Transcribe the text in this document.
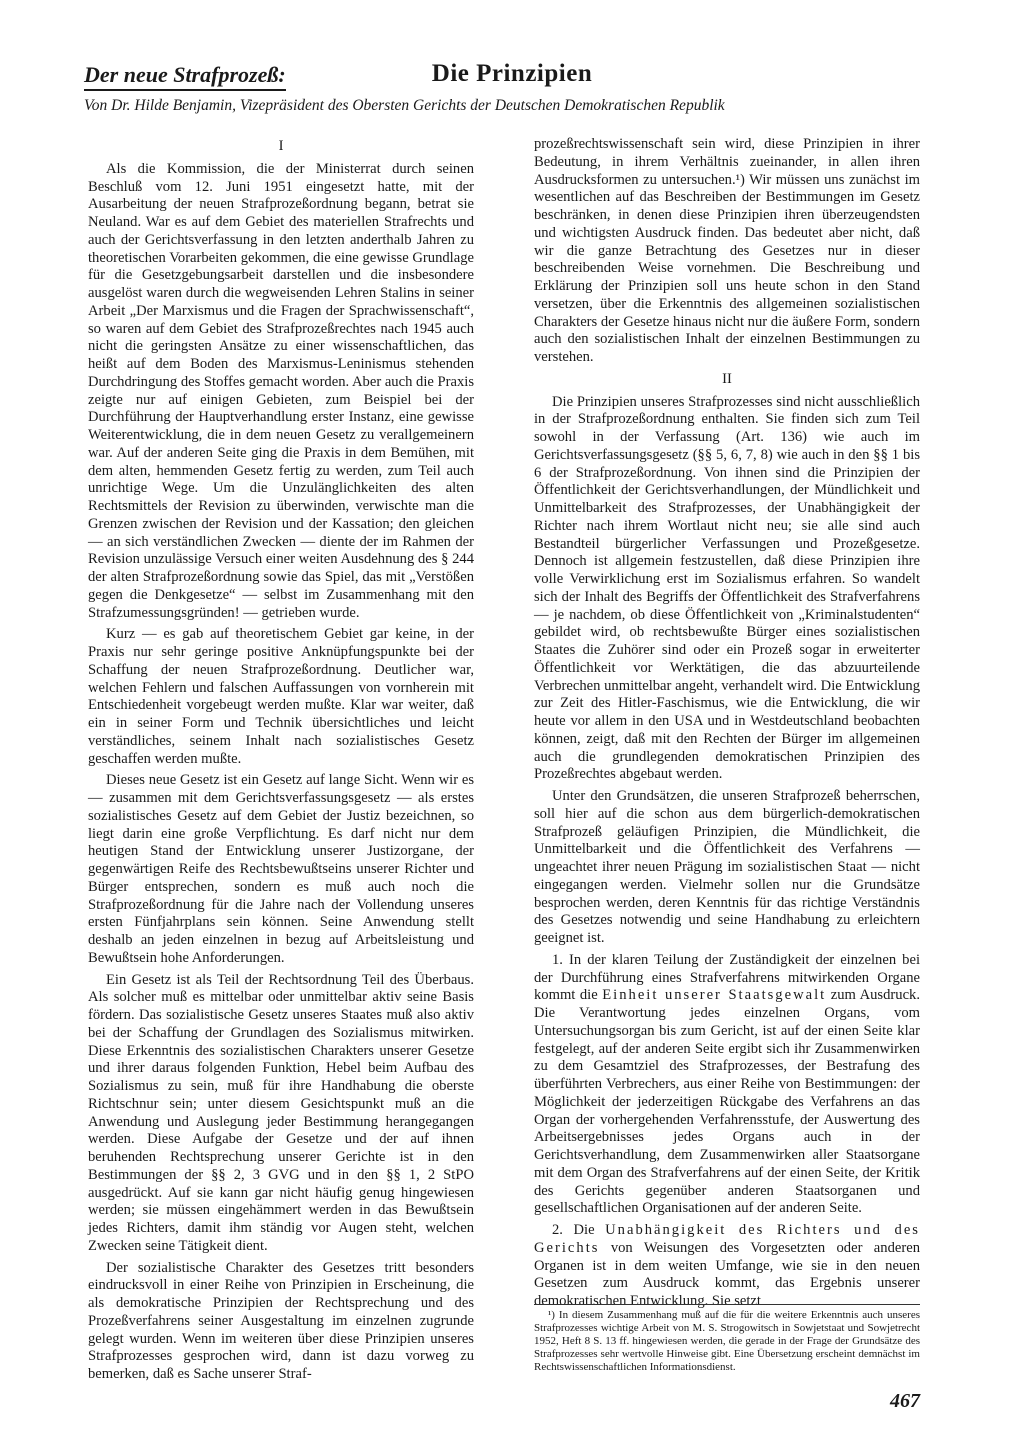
Der neue Strafprozeß:	Die Prinzipien
Von Dr. Hilde Benjamin, Vizepräsident des Obersten Gerichts der Deutschen Demokratischen Republik
I

Als die Kommission, die der Ministerrat durch seinen Beschluß vom 12. Juni 1951 eingesetzt hatte, mit der Ausarbeitung der neuen Strafprozeßordnung begann, betrat sie Neuland. War es auf dem Gebiet des materiellen Strafrechts und auch der Gerichtsverfassung in den letzten anderthalb Jahren zu theoretischen Vorarbeiten gekommen, die eine gewisse Grundlage für die Gesetzgebungsarbeit darstellen und die insbesondere ausgelöst waren durch die wegweisenden Lehren Stalins in seiner Arbeit „Der Marxismus und die Fragen der Sprachwissenschaft“, so waren auf dem Gebiet des Strafprozeßrechtes nach 1945 auch nicht die geringsten Ansätze zu einer wissenschaftlichen, das heißt auf dem Boden des Marxismus-Leninismus stehenden Durchdringung des Stoffes gemacht worden. Aber auch die Praxis zeigte nur auf einigen Gebieten, zum Beispiel bei der Durchführung der Hauptverhandlung erster Instanz, eine gewisse Weiterentwicklung, die in dem neuen Gesetz zu verallgemeinern war. Auf der anderen Seite ging die Praxis in dem Bemühen, mit dem alten, hemmenden Gesetz fertig zu werden, zum Teil auch unrichtige Wege. Um die Unzulänglichkeiten des alten Rechtsmittels der Revision zu überwinden, verwischte man die Grenzen zwischen der Revision und der Kassation; den gleichen — an sich verständlichen Zwecken — diente der im Rahmen der Revision unzulässige Versuch einer weiten Ausdehnung des § 244 der alten Strafprozeßordnung sowie das Spiel, das mit „Verstößen gegen die Denkgesetze“ — selbst im Zusammenhang mit den Strafzumessungsgründen! — getrieben wurde.

Kurz — es gab auf theoretischem Gebiet gar keine, in der Praxis nur sehr geringe positive Anknüpfungspunkte bei der Schaffung der neuen Strafprozeßordnung. Deutlicher war, welchen Fehlern und falschen Auffassungen von vornherein mit Entschiedenheit vorgebeugt werden mußte. Klar war weiter, daß ein in seiner Form und Technik übersichtliches und leicht verständliches, seinem Inhalt nach sozialistisches Gesetz geschaffen werden mußte.

Dieses neue Gesetz ist ein Gesetz auf lange Sicht. Wenn wir es — zusammen mit dem Gerichtsverfassungsgesetz — als erstes sozialistisches Gesetz auf dem Gebiet der Justiz bezeichnen, so liegt darin eine große Verpflichtung. Es darf nicht nur dem heutigen Stand der Entwicklung unserer Justizorgane, der gegenwärtigen Reife des Rechtsbewußtseins unserer Richter und Bürger entsprechen, sondern es muß auch noch die Strafprozeßordnung für die Jahre nach der Vollendung unseres ersten Fünfjahrplans sein können. Seine Anwendung stellt deshalb an jeden einzelnen in bezug auf Arbeitsleistung und Bewußtsein hohe Anforderungen.

Ein Gesetz ist als Teil der Rechtsordnung Teil des Überbaus. Als solcher muß es mittelbar oder unmittelbar aktiv seine Basis fördern. Das sozialistische Gesetz unseres Staates muß also aktiv bei der Schaffung der Grundlagen des Sozialismus mitwirken. Diese Erkenntnis des sozialistischen Charakters unserer Gesetze und ihrer daraus folgenden Funktion, Hebel beim Aufbau des Sozialismus zu sein, muß für ihre Handhabung die oberste Richtschnur sein; unter diesem Gesichtspunkt muß an die Anwendung und Auslegung jeder Bestimmung herangegangen werden. Diese Aufgabe der Gesetze und der auf ihnen beruhenden Rechtsprechung unserer Gerichte ist in den Bestimmungen der §§ 2, 3 GVG und in den §§ 1, 2 StPO ausgedrückt. Auf sie kann gar nicht häufig genug hingewiesen werden; sie müssen eingehämmert werden in das Bewußtsein jedes Richters, damit ihm ständig vor Augen steht, welchen Zwecken seine Tätigkeit dient.

Der sozialistische Charakter des Gesetzes tritt besonders eindrucksvoll in einer Reihe von Prinzipien in Erscheinung, die als demokratische Prinzipien der Rechtsprechung und des Prozeßverfahrens seiner Ausgestaltung im einzelnen zugrunde gelegt wurden. Wenn im weiteren über diese Prinzipien unseres Strafprozesses gesprochen wird, dann ist dazu vorweg zu bemerken, daß es Sache unserer Straf-

prozeßrechtswissenschaft sein wird, diese Prinzipien in ihrer Bedeutung, in ihrem Verhältnis zueinander, in allen ihren Ausdrucksformen zu untersuchen.¹) Wir müssen uns zunächst im wesentlichen auf das Beschreiben der Bestimmungen im Gesetz beschränken, in denen diese Prinzipien ihren überzeugendsten und wichtigsten Ausdruck finden. Das bedeutet aber nicht, daß wir die ganze Betrachtung des Gesetzes nur in dieser beschreibenden Weise vornehmen. Die Beschreibung und Erklärung der Prinzipien soll uns heute schon in den Stand versetzen, über die Erkenntnis des allgemeinen sozialistischen Charakters der Gesetze hinaus nicht nur die äußere Form, sondern auch den sozialistischen Inhalt der einzelnen Bestimmungen zu verstehen.

II

Die Prinzipien unseres Strafprozesses sind nicht ausschließlich in der Strafprozeßordnung enthalten. Sie finden sich zum Teil sowohl in der Verfassung (Art. 136) wie auch im Gerichtsverfassungsgesetz (§§ 5, 6, 7, 8) wie auch in den §§ 1 bis 6 der Strafprozeßordnung. Von ihnen sind die Prinzipien der Öffentlichkeit der Gerichtsverhandlungen, der Mündlichkeit und Unmittelbarkeit des Strafprozesses, der Unabhängigkeit der Richter nach ihrem Wortlaut nicht neu; sie alle sind auch Bestandteil bürgerlicher Verfassungen und Prozeßgesetze. Dennoch ist allgemein festzustellen, daß diese Prinzipien ihre volle Verwirklichung erst im Sozialismus erfahren. So wandelt sich der Inhalt des Begriffs der Öffentlichkeit des Strafverfahrens — je nachdem, ob diese Öffentlichkeit von „Kriminalstudenten“ gebildet wird, ob rechtsbewußte Bürger eines sozialistischen Staates die Zuhörer sind oder ein Prozeß sogar in erweiterter Öffentlichkeit vor Werktätigen, die das abzuurteilende Verbrechen unmittelbar angeht, verhandelt wird. Die Entwicklung zur Zeit des Hitler-Faschismus, wie die Entwicklung, die wir heute vor allem in den USA und in Westdeutschland beobachten können, zeigt, daß mit den Rechten der Bürger im allgemeinen auch die grundlegenden demokratischen Prinzipien des Prozeßrechtes abgebaut werden.

Unter den Grundsätzen, die unseren Strafprozeß beherrschen, soll hier auf die schon aus dem bürgerlich-demokratischen Strafprozeß geläufigen Prinzipien, die Mündlichkeit, die Unmittelbarkeit und die Öffentlichkeit des Verfahrens — ungeachtet ihrer neuen Prägung im sozialistischen Staat — nicht eingegangen werden. Vielmehr sollen nur die Grundsätze besprochen werden, deren Kenntnis für das richtige Verständnis des Gesetzes notwendig und seine Handhabung zu erleichtern geeignet ist.

1. In der klaren Teilung der Zuständigkeit der einzelnen bei der Durchführung eines Strafverfahrens mitwirkenden Organe kommt die Einheit unserer Staatsgewalt zum Ausdruck. Die Verantwortung jedes einzelnen Organs, vom Untersuchungsorgan bis zum Gericht, ist auf der einen Seite klar festgelegt, auf der anderen Seite ergibt sich ihr Zusammenwirken zu dem Gesamtziel des Strafprozesses, der Bestrafung des überführten Verbrechers, aus einer Reihe von Bestimmungen: der Möglichkeit der jederzeitigen Rückgabe des Verfahrens an das Organ der vorhergehenden Verfahrensstufe, der Auswertung des Arbeitsergebnisses jedes Organs auch in der Gerichtsverhandlung, dem Zusammenwirken aller Staatsorgane mit dem Organ des Strafverfahrens auf der einen Seite, der Kritik des Gerichts gegenüber anderen Staatsorganen und gesellschaftlichen Organisationen auf der anderen Seite.

2. Die Unabhängigkeit des Richters und des Gerichts von Weisungen des Vorgesetzten oder anderen Organen ist in dem weiten Umfange, wie sie in den neuen Gesetzen zum Ausdruck kommt, das Ergebnis unserer demokratischen Entwicklung. Sie setzt

¹) In diesem Zusammenhang muß auf die für die weitere Erkenntnis auch unseres Strafprozesses wichtige Arbeit von M. S. Strogowitsch in Sowjetstaat und Sowjetrecht 1952, Heft 8 S. 13 ff. hingewiesen werden, die gerade in der Frage der Grundsätze des Strafprozesses sehr wertvolle Hinweise gibt. Eine Übersetzung erscheint demnächst im Rechtswissenschaftlichen Informationsdienst.

467
